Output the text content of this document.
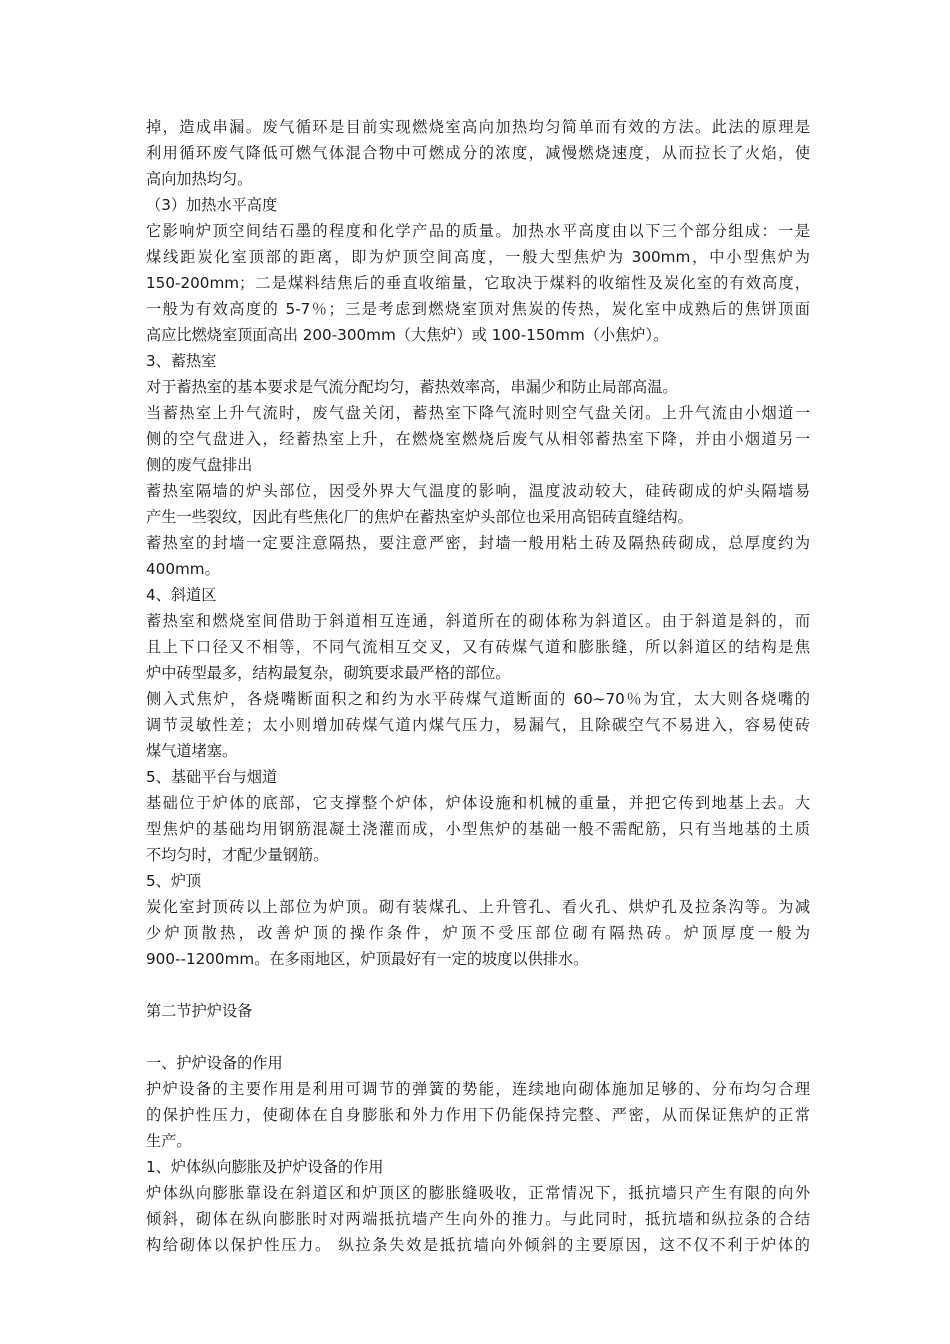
掉，造成串漏。废气循环是目前实现燃烧室高向加热均匀简单而有效的方法。此法的原理是
利用循环废气降低可燃气体混合物中可燃成分的浓度，减慢燃烧速度，从而拉长了火焰，使
高向加热均匀。
（3）加热水平高度
它影响炉顶空间结石墨的程度和化学产品的质量。加热水平高度由以下三个部分组成：一是
煤线距炭化室顶部的距离，即为炉顶空间高度，一般大型焦炉为 300mm，中小型焦炉为
150-200mm；二是煤料结焦后的垂直收缩量，它取决于煤料的收缩性及炭化室的有效高度，
一般为有效高度的 5-7％；三是考虑到燃烧室顶对焦炭的传热，炭化室中成熟后的焦饼顶面
高应比燃烧室顶面高出 200-300mm（大焦炉）或 100-150mm（小焦炉）。
3、蓄热室
对于蓄热室的基本要求是气流分配均匀，蓄热效率高，串漏少和防止局部高温。
当蓄热室上升气流时，废气盘关闭，蓄热室下降气流时则空气盘关闭。上升气流由小烟道一
侧的空气盘进入，经蓄热室上升，在燃烧室燃烧后废气从相邻蓄热室下降，并由小烟道另一
侧的废气盘排出
蓄热室隔墙的炉头部位，因受外界大气温度的影响，温度波动较大，硅砖砌成的炉头隔墙易
产生一些裂纹，因此有些焦化厂的焦炉在蓄热室炉头部位也采用高铝砖直缝结构。
蓄热室的封墙一定要注意隔热，要注意严密，封墙一般用粘土砖及隔热砖砌成，总厚度约为
400mm。
4、斜道区
蓄热室和燃烧室间借助于斜道相互连通，斜道所在的砌体称为斜道区。由于斜道是斜的，而
且上下口径又不相等，不同气流相互交叉，又有砖煤气道和膨胀缝，所以斜道区的结构是焦
炉中砖型最多，结构最复杂，砌筑要求最严格的部位。
侧入式焦炉，各烧嘴断面积之和约为水平砖煤气道断面的 60~70％为宜，太大则各烧嘴的
调节灵敏性差；太小则增加砖煤气道内煤气压力，易漏气，且除碳空气不易进入，容易使砖
煤气道堵塞。
5、基础平台与烟道
基础位于炉体的底部，它支撑整个炉体，炉体设施和机械的重量，并把它传到地基上去。大
型焦炉的基础均用钢筋混凝土浇灌而成，小型焦炉的基础一般不需配筋，只有当地基的土质
不均匀时，才配少量钢筋。
5、炉顶
炭化室封顶砖以上部位为炉顶。砌有装煤孔、上升管孔、看火孔、烘炉孔及拉条沟等。为减
少炉顶散热，改善炉顶的操作条件，炉顶不受压部位砌有隔热砖。炉顶厚度一般为
900--1200mm。在多雨地区，炉顶最好有一定的坡度以供排水。
第二节护炉设备
一、护炉设备的作用
护炉设备的主要作用是利用可调节的弹簧的势能，连续地向砌体施加足够的、分布均匀合理
的保护性压力，使砌体在自身膨胀和外力作用下仍能保持完整、严密，从而保证焦炉的正常
生产。
1、炉体纵向膨胀及护炉设备的作用
炉体纵向膨胀靠设在斜道区和炉顶区的膨胀缝吸收，正常情况下，抵抗墙只产生有限的向外
倾斜，砌体在纵向膨胀时对两端抵抗墙产生向外的推力。与此同时，抵抗墙和纵拉条的合结
构给砌体以保护性压力。 纵拉条失效是抵抗墙向外倾斜的主要原因，这不仅不利于炉体的
